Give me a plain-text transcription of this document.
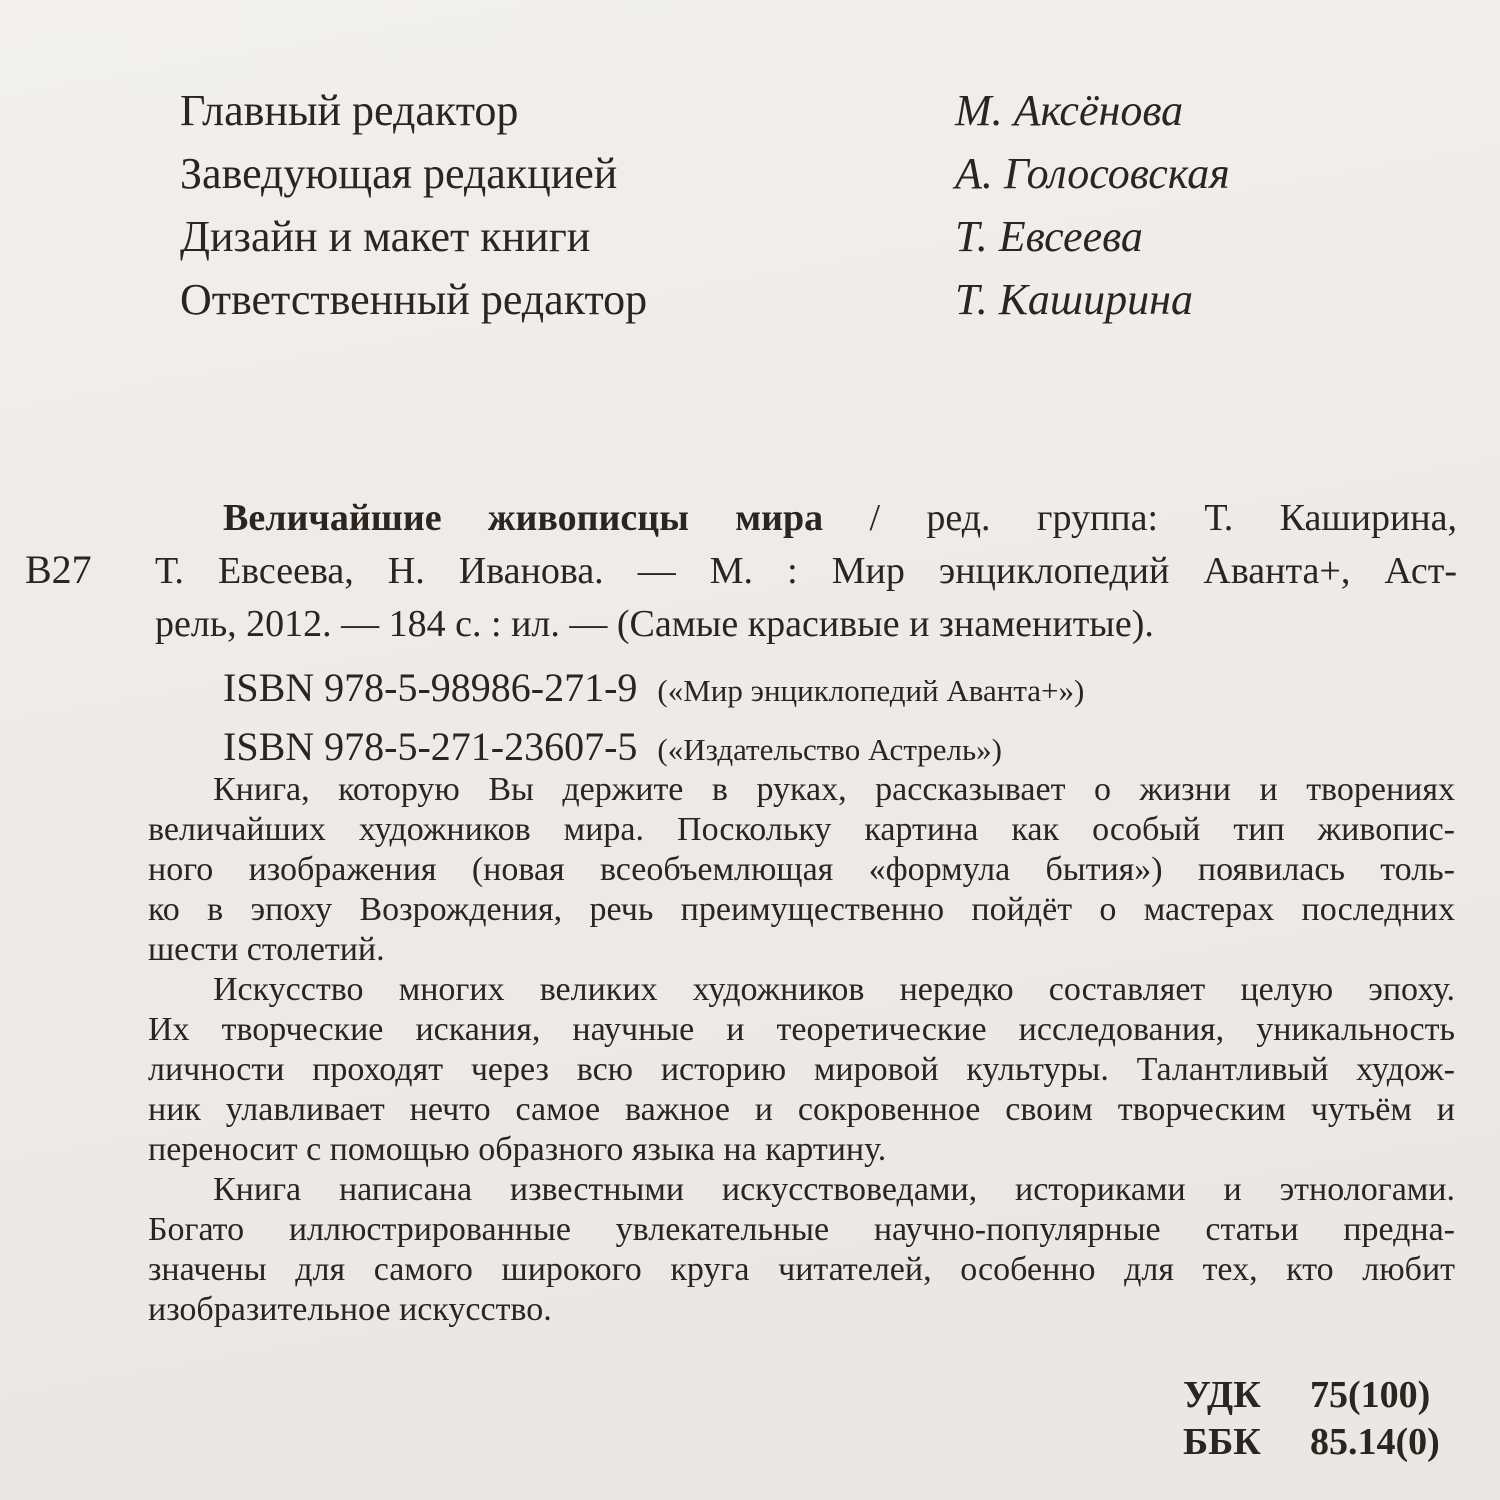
Главный редактор	М. Аксёнова
Заведующая редакцией	А. Голосовская
Дизайн и макет книги	Т. Евсеева
Ответственный редактор	Т. Каширина
В27
Величайшие живописцы мира / ред. группа: Т. Каширина,
Т. Евсеева, Н. Иванова. — М. : Мир энциклопедий Аванта+, Аст-
рель, 2012. — 184 с. : ил. — (Самые красивые и знаменитые).
ISBN 978-5-98986-271-9 («Мир энциклопедий Аванта+»)
ISBN 978-5-271-23607-5 («Издательство Астрель»)
Книга, которую Вы держите в руках, рассказывает о жизни и творениях
величайших художников мира. Поскольку картина как особый тип живопис-
ного изображения (новая всеобъемлющая «формула бытия») появилась толь-
ко в эпоху Возрождения, речь преимущественно пойдёт о мастерах последних
шести столетий.
Искусство многих великих художников нередко составляет целую эпоху.
Их творческие искания, научные и теоретические исследования, уникальность
личности проходят через всю историю мировой культуры. Талантливый худож-
ник улавливает нечто самое важное и сокровенное своим творческим чутьём и
переносит с помощью образного языка на картину.
Книга написана известными искусствоведами, историками и этнологами.
Богато иллюстрированные увлекательные научно-популярные статьи предна-
значены для самого широкого круга читателей, особенно для тех, кто любит
изобразительное искусство.
УДК	75(100)
ББК	85.14(0)
